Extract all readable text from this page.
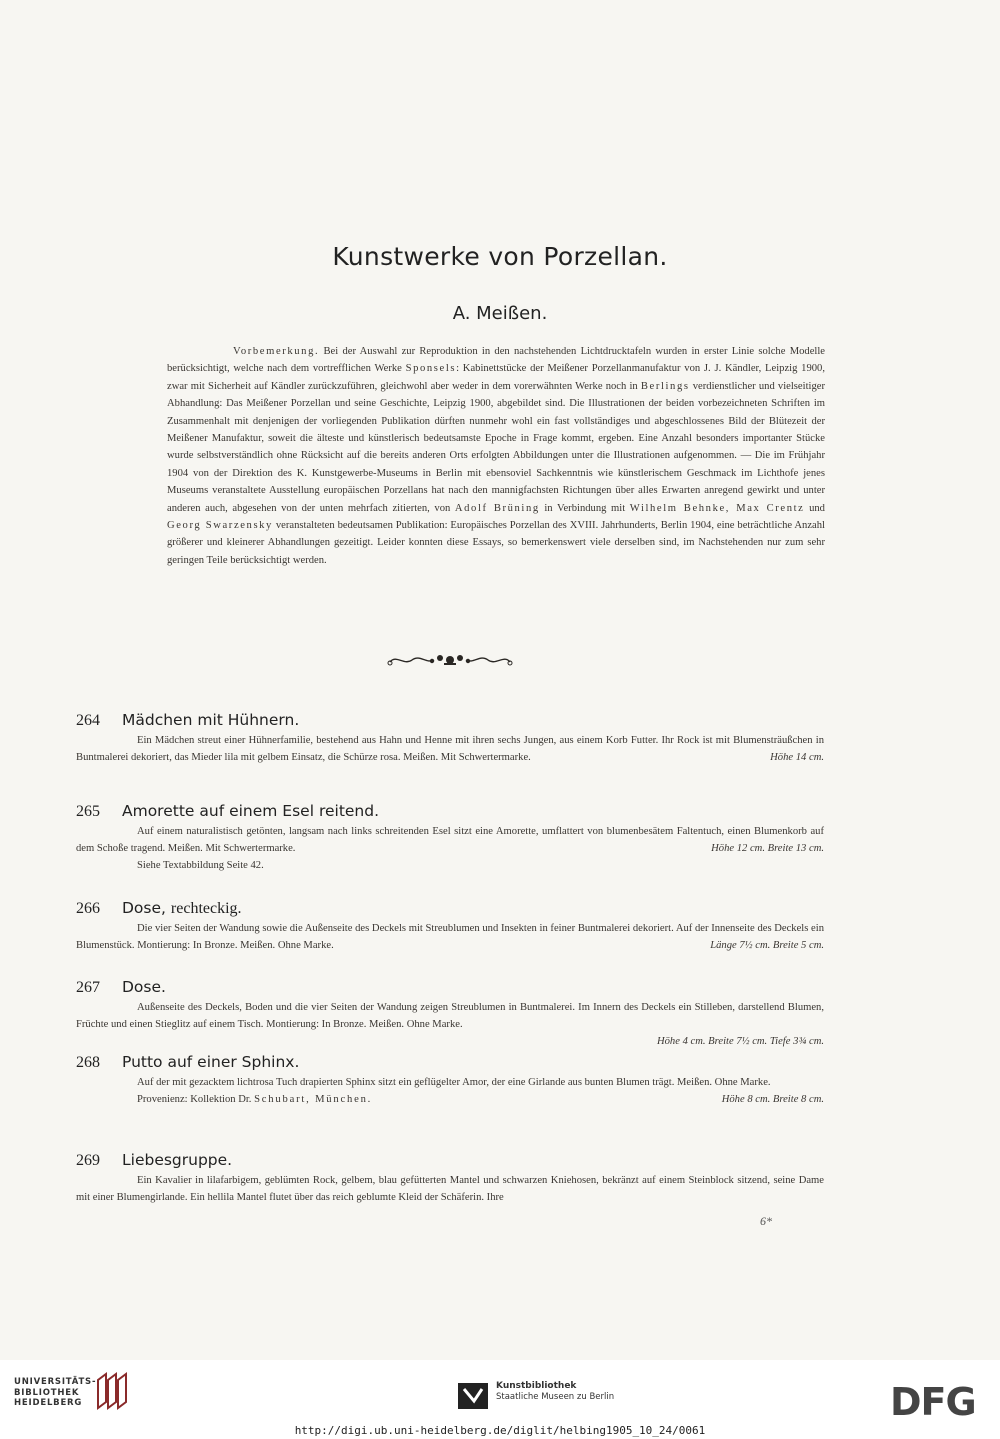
Kunstwerke von Porzellan.
A. Meißen.

Vorbemerkung. Bei der Auswahl zur Reproduktion in den nachstehenden Lichtdrucktafeln wurden in erster Linie solche Modelle berücksichtigt, welche nach dem vortrefflichen Werke Sponsels: Kabinettstücke der Meißener Porzellanmanufaktur von J. J. Kändler, Leipzig 1900, zwar mit Sicherheit auf Kändler zurückzuführen, gleichwohl aber weder in dem vorerwähnten Werke noch in Berlings verdienstlicher und vielseitiger Abhandlung: Das Meißener Porzellan und seine Geschichte, Leipzig 1900, abgebildet sind. Die Illustrationen der beiden vorbezeichneten Schriften im Zusammenhalt mit denjenigen der vorliegenden Publikation dürften nunmehr wohl ein fast vollständiges und abgeschlossenes Bild der Blütezeit der Meißener Manufaktur, soweit die älteste und künstlerisch bedeutsamste Epoche in Frage kommt, ergeben. Eine Anzahl besonders importanter Stücke wurde selbstverständlich ohne Rücksicht auf die bereits anderen Orts erfolgten Abbildungen unter die Illustrationen aufgenommen. — Die im Frühjahr 1904 von der Direktion des K. Kunstgewerbe-Museums in Berlin mit ebensoviel Sachkenntnis wie künstlerischem Geschmack im Lichthofe jenes Museums veranstaltete Ausstellung europäischen Porzellans hat nach den mannigfachsten Richtungen über alles Erwarten anregend gewirkt und unter anderen auch, abgesehen von der unten mehrfach zitierten, von Adolf Brüning in Verbindung mit Wilhelm Behnke, Max Crentz und Georg Swarzensky veranstalteten bedeutsamen Publikation: Europäisches Porzellan des XVIII. Jahrhunderts, Berlin 1904, eine beträchtliche Anzahl größerer und kleinerer Abhandlungen gezeitigt. Leider konnten diese Essays, so bemerkenswert viele derselben sind, im Nachstehenden nur zum sehr geringen Teile berücksichtigt werden.

264 Mädchen mit Hühnern.
Ein Mädchen streut einer Hühnerfamilie, bestehend aus Hahn und Henne mit ihren sechs Jungen, aus einem Korb Futter. Ihr Rock ist mit Blumensträußchen in Buntmalerei dekoriert, das Mieder lila mit gelbem Einsatz, die Schürze rosa. Meißen. Mit Schwertermarke.	Höhe 14 cm.
265 Amorette auf einem Esel reitend.
Auf einem naturalistisch getönten, langsam nach links schreitenden Esel sitzt eine Amorette, umflattert von blumenbesätem Faltentuch, einen Blumenkorb auf dem Schoße tragend. Meißen. Mit Schwertermarke.	Höhe 12 cm. Breite 13 cm.
Siehe Textabbildung Seite 42.
266 Dose, rechteckig.
Die vier Seiten der Wandung sowie die Außenseite des Deckels mit Streublumen und Insekten in feiner Buntmalerei dekoriert. Auf der Innenseite des Deckels ein Blumenstück. Montierung: In Bronze. Meißen. Ohne Marke.	Länge 7½ cm. Breite 5 cm.
267 Dose.
Außenseite des Deckels, Boden und die vier Seiten der Wandung zeigen Streublumen in Buntmalerei. Im Innern des Deckels ein Stilleben, darstellend Blumen, Früchte und einen Stieglitz auf einem Tisch. Montierung: In Bronze. Meißen. Ohne Marke.
Höhe 4 cm. Breite 7½ cm. Tiefe 3¾ cm.
268 Putto auf einer Sphinx.
Auf der mit gezacktem lichtrosa Tuch drapierten Sphinx sitzt ein geflügelter Amor, der eine Girlande aus bunten Blumen trägt. Meißen. Ohne Marke.
Höhe 8 cm. Breite 8 cm.
Provenienz: Kollektion Dr. Schubart, München.
269 Liebesgruppe.
Ein Kavalier in lilafarbigem, geblümten Rock, gelbem, blau gefütterten Mantel und schwarzen Kniehosen, bekränzt auf einem Steinblock sitzend, seine Dame mit einer Blumengirlande. Ein hellila Mantel flutet über das reich geblumte Kleid der Schäferin. Ihre
6*
UNIVERSITÄTS-
BIBLIOTHEK
HEIDELBERG
Kunstbibliothek
Staatliche Museen zu Berlin	DFG
http://digi.ub.uni-heidelberg.de/diglit/helbing1905_10_24/0061
